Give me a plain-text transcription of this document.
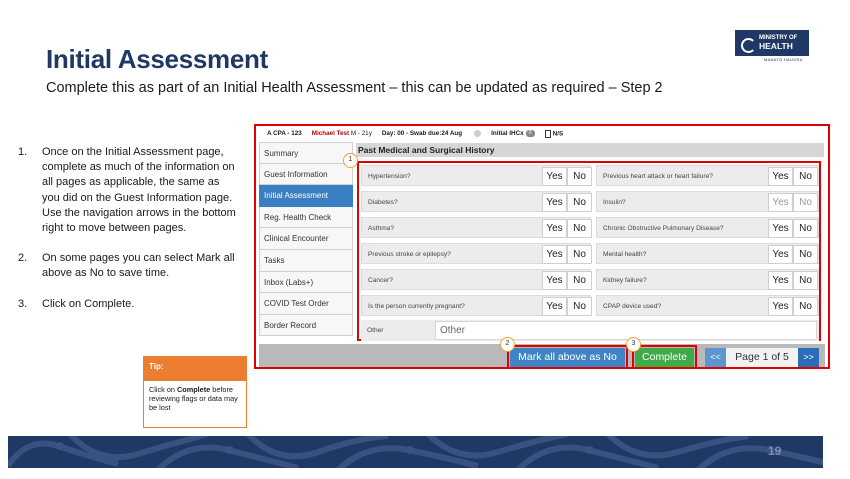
Initial Assessment
Complete this as part of an Initial Health Assessment – this can be updated as required – Step 2
MINISTRY OF
HEALTH
MANATŪ HAUORA
1.	Once on the Initial Assessment page, complete as much of the information on all pages as applicable, the same as you did on the Guest Information page. Use the navigation arrows in the bottom right to move between pages.
2.	On some pages you can select Mark all above as No to save time.
3.	Click on Complete.
Tip:
Click on Complete before reviewing flags or data may be lost
A CPA - 123 Michael Test M - 21y Day: 00 - Swab due:24 Aug	Initial IHCx 0	N/S
Summary
Guest Information
Initial Assessment
Reg. Health Check
Clinical Encounter
Tasks
Inbox (Labs+)
COVID Test Order
Border Record
Past Medical and Surgical History
Hypertension?	Yes	No
Diabetes?	Yes	No
Asthma?	Yes	No
Previous stroke or epilepsy?	Yes	No
Cancer?	Yes	No
Is the person currently pregnant?	Yes	No
Previous heart attack or heart failure?	Yes	No
Insulin?	Yes	No
Chronic Obstructive Pulmonary Disease?	Yes	No
Mental health?	Yes	No
Kidney failure?	Yes	No
CPAP device used?	Yes	No
Other	Other
Mark all above as No	Complete	<<	Page 1 of 5	>>
1
2	3
19
